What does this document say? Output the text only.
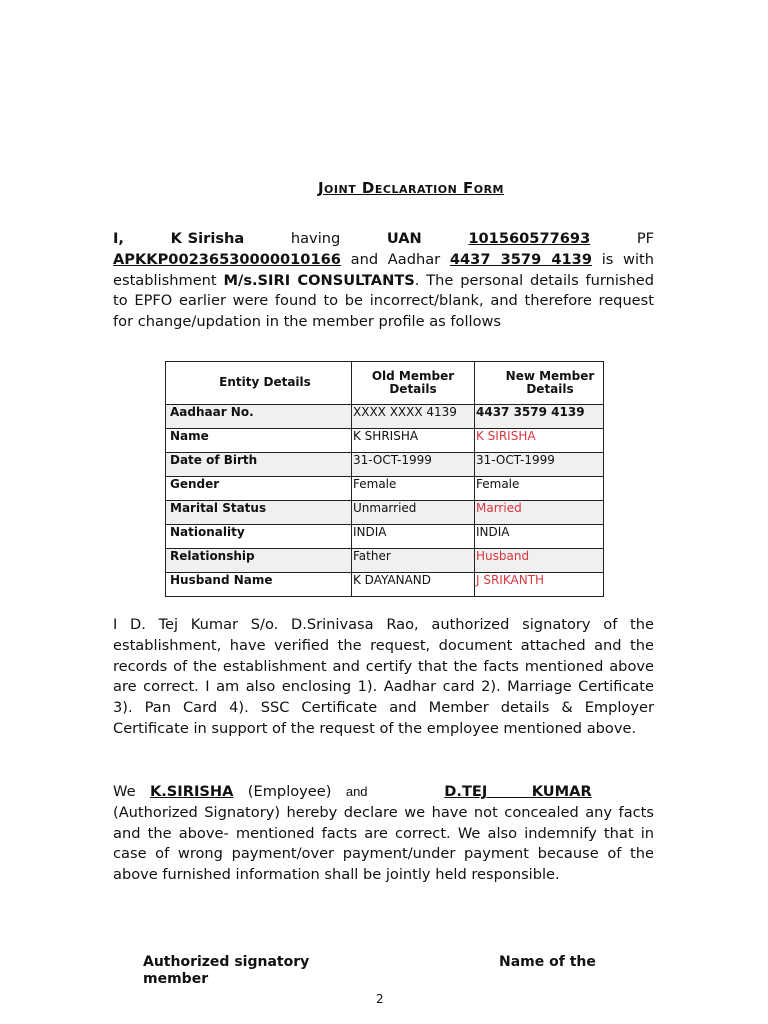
Joint Declaration Form
I,	K Sirisha	having	UAN	101560577693	PF APKKP00236530000010166 and Aadhar 4437 3579 4139 is with establishment M/s.SIRI CONSULTANTS. The personal details furnished to EPFO earlier were found to be incorrect/blank, and therefore request for change/updation in the member profile as follows
Entity Details	Old Member Details	New Member Details
Aadhaar No.	XXXX XXXX 4139	4437 3579 4139
Name	K SHRISHA	K SIRISHA
Date of Birth	31-OCT-1999	31-OCT-1999
Gender	Female	Female
Marital Status	Unmarried	Married
Nationality	INDIA	INDIA
Relationship	Father	Husband
Husband Name	K DAYANAND	J SRIKANTH
I D. Tej Kumar S/o. D.Srinivasa Rao, authorized signatory of the establishment, have verified the request, document attached and the records of the establishment and certify that the facts mentioned above are correct. I am also enclosing 1). Aadhar card 2). Marriage Certificate 3). Pan Card 4). SSC Certificate and Member details & Employer Certificate in support of the request of the employee mentioned above.
We K.SIRISHA (Employee) and	D.TEJ   KUMAR  (Authorized Signatory) hereby declare we have not concealed any facts and the above- mentioned facts are correct. We also indemnify that in case of wrong payment/over payment/under payment because of the above furnished information shall be jointly held responsible.
Authorized signatory member
Name of the
2
